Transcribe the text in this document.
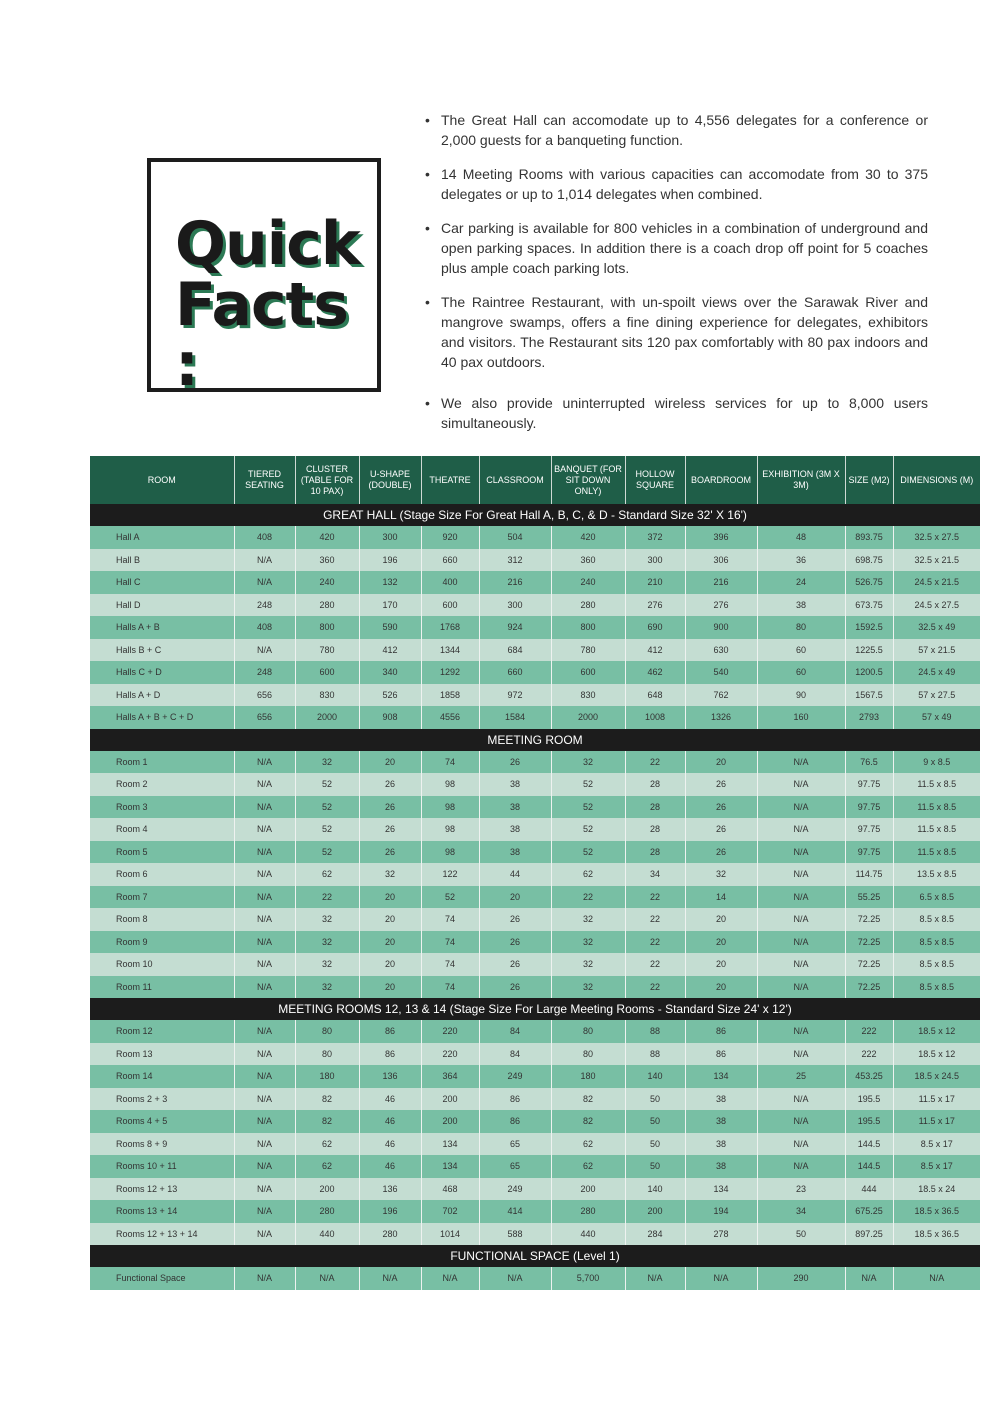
Quick
Facts :
• The Great Hall can accomodate up to 4,556 delegates for a conference or 2,000 guests for a banqueting function.
• 14 Meeting Rooms with various capacities can accomodate from 30 to 375 delegates or up to 1,014 delegates when combined.
• Car parking is available for 800 vehicles in a combination of underground and open parking spaces. In addition there is a coach drop off point for 5 coaches plus ample coach parking lots.
• The Raintree Restaurant, with un-spoilt views over the Sarawak River and mangrove swamps, offers a fine dining experience for delegates, exhibitors and visitors. The Restaurant sits 120 pax comfortably with 80 pax indoors and 40 pax outdoors.
• We also provide uninterrupted wireless services for up to 8,000 users simultaneously.
ROOM	TIERED SEATING	CLUSTER (TABLE FOR 10 PAX)	U-SHAPE (DOUBLE)	THEATRE	CLASSROOM	BANQUET (FOR SIT DOWN ONLY)	HOLLOW SQUARE	BOARDROOM	EXHIBITION (3M X 3M)	SIZE (M2)	DIMENSIONS (M)
GREAT HALL (Stage Size For Great Hall A, B, C, & D - Standard Size 32' X 16')											
Hall A	408	420	300	920	504	420	372	396	48	893.75	32.5 x 27.5
Hall B	N/A	360	196	660	312	360	300	306	36	698.75	32.5 x 21.5
Hall C	N/A	240	132	400	216	240	210	216	24	526.75	24.5 x 21.5
Hall D	248	280	170	600	300	280	276	276	38	673.75	24.5 x 27.5
Halls A + B	408	800	590	1768	924	800	690	900	80	1592.5	32.5 x 49
Halls B + C	N/A	780	412	1344	684	780	412	630	60	1225.5	57 x 21.5
Halls C + D	248	600	340	1292	660	600	462	540	60	1200.5	24.5 x 49
Halls A + D	656	830	526	1858	972	830	648	762	90	1567.5	57 x 27.5
Halls A + B + C + D	656	2000	908	4556	1584	2000	1008	1326	160	2793	57 x 49
MEETING ROOM											
Room 1	N/A	32	20	74	26	32	22	20	N/A	76.5	9 x 8.5
Room 2	N/A	52	26	98	38	52	28	26	N/A	97.75	11.5 x 8.5
Room 3	N/A	52	26	98	38	52	28	26	N/A	97.75	11.5 x 8.5
Room 4	N/A	52	26	98	38	52	28	26	N/A	97.75	11.5 x 8.5
Room 5	N/A	52	26	98	38	52	28	26	N/A	97.75	11.5 x 8.5
Room 6	N/A	62	32	122	44	62	34	32	N/A	114.75	13.5 x 8.5
Room 7	N/A	22	20	52	20	22	22	14	N/A	55.25	6.5 x 8.5
Room 8	N/A	32	20	74	26	32	22	20	N/A	72.25	8.5 x 8.5
Room 9	N/A	32	20	74	26	32	22	20	N/A	72.25	8.5 x 8.5
Room 10	N/A	32	20	74	26	32	22	20	N/A	72.25	8.5 x 8.5
Room 11	N/A	32	20	74	26	32	22	20	N/A	72.25	8.5 x 8.5
MEETING ROOMS 12, 13 & 14 (Stage Size For Large Meeting Rooms - Standard Size 24' x 12')											
Room 12	N/A	80	86	220	84	80	88	86	N/A	222	18.5 x 12
Room 13	N/A	80	86	220	84	80	88	86	N/A	222	18.5 x 12
Room 14	N/A	180	136	364	249	180	140	134	25	453.25	18.5 x 24.5
Rooms 2 + 3	N/A	82	46	200	86	82	50	38	N/A	195.5	11.5 x 17
Rooms 4 + 5	N/A	82	46	200	86	82	50	38	N/A	195.5	11.5 x 17
Rooms 8 + 9	N/A	62	46	134	65	62	50	38	N/A	144.5	8.5 x 17
Rooms 10 + 11	N/A	62	46	134	65	62	50	38	N/A	144.5	8.5 x 17
Rooms 12 + 13	N/A	200	136	468	249	200	140	134	23	444	18.5 x 24
Rooms 13 + 14	N/A	280	196	702	414	280	200	194	34	675.25	18.5 x 36.5
Rooms 12 + 13 + 14	N/A	440	280	1014	588	440	284	278	50	897.25	18.5 x 36.5
FUNCTIONAL SPACE (Level 1)											
Functional Space	N/A	N/A	N/A	N/A	N/A	5,700	N/A	N/A	290	N/A	N/A
